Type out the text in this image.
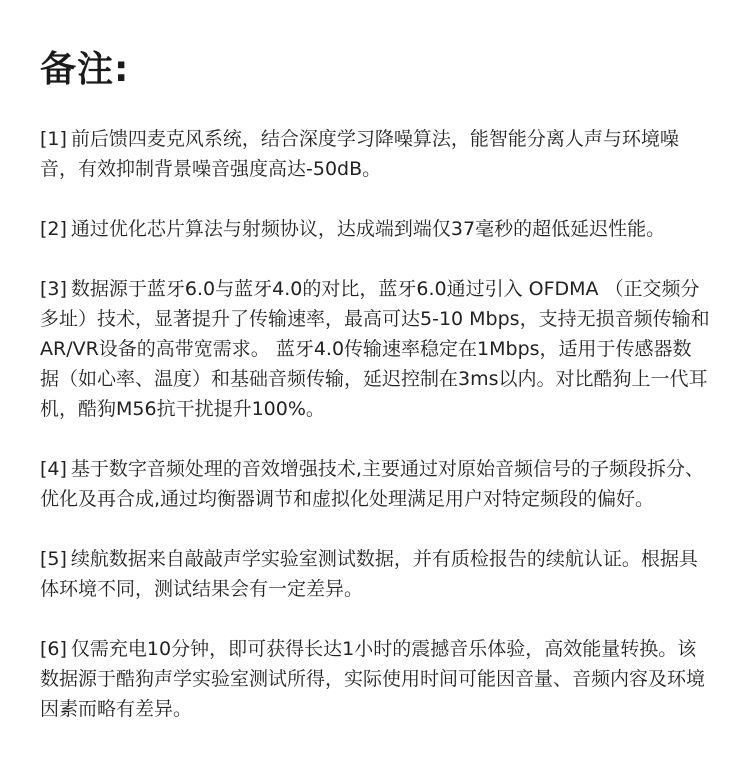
备注:

[1] 前后馈四麦克风系统，结合深度学习降噪算法，能智能分离人声与环境噪音，有效抑制背景噪音强度高达-50dB。

[2] 通过优化芯片算法与射频协议，达成端到端仅37毫秒的超低延迟性能。

[3] 数据源于蓝牙6.0与蓝牙4.0的对比，蓝牙6.0通过引入 OFDMA （正交频分多址）技术，显著提升了传输速率，最高可达5-10 Mbps，支持无损音频传输和AR/VR设备的高带宽需求。 蓝牙4.0传输速率稳定在1Mbps，适用于传感器数据（如心率、温度）和基础音频传输，延迟控制在3ms以内。对比酷狗上一代耳机，酷狗M56抗干扰提升100%。

[4] 基于数字音频处理的音效增强技术,主要通过对原始音频信号的子频段拆分、优化及再合成,通过均衡器调节和虚拟化处理满足用户对特定频段的偏好。

[5] 续航数据来自敲敲声学实验室测试数据，并有质检报告的续航认证。根据具体环境不同，测试结果会有一定差异。

[6] 仅需充电10分钟，即可获得长达1小时的震撼音乐体验，高效能量转换。该数据源于酷狗声学实验室测试所得，实际使用时间可能因音量、音频内容及环境因素而略有差异。
